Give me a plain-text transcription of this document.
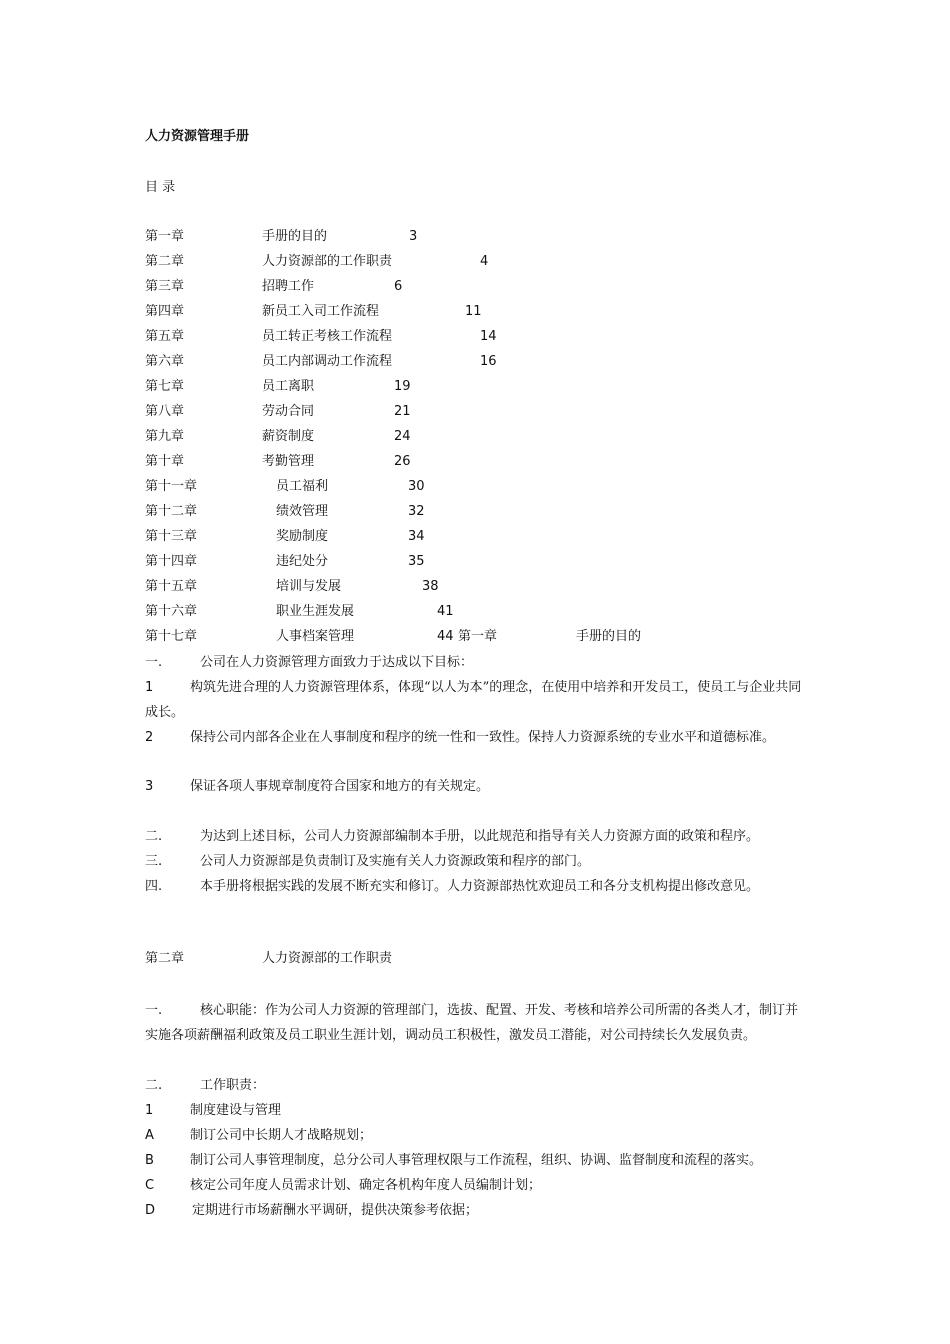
人力资源管理手册
目 录
第一章	手册的目的	3
第二章	人力资源部的工作职责	4
第三章	招聘工作	6
第四章	新员工入司工作流程	11
第五章	员工转正考核工作流程	14
第六章	员工内部调动工作流程	16
第七章	员工离职	19
第八章	劳动合同	21
第九章	薪资制度	24
第十章	考勤管理	26
第十一章	员工福利	30
第十二章	绩效管理	32
第十三章	奖励制度	34
第十四章	违纪处分	35
第十五章	培训与发展	38
第十六章	职业生涯发展	41
第十七章	人事档案管理	44 第一章	手册的目的
一.	公司在人力资源管理方面致力于达成以下目标：
1	构筑先进合理的人力资源管理体系，体现“以人为本”的理念，在使用中培养和开发员工，使员工与企业共同成长。
2	保持公司内部各企业在人事制度和程序的统一性和一致性。保持人力资源系统的专业水平和道德标准。
3	保证各项人事规章制度符合国家和地方的有关规定。
二.	为达到上述目标，公司人力资源部编制本手册，以此规范和指导有关人力资源方面的政策和程序。
三.	公司人力资源部是负责制订及实施有关人力资源政策和程序的部门。
四.	本手册将根据实践的发展不断充实和修订。人力资源部热忱欢迎员工和各分支机构提出修改意见。
第二章	人力资源部的工作职责
一.	核心职能：作为公司人力资源的管理部门，选拔、配置、开发、考核和培养公司所需的各类人才，制订并实施各项薪酬福利政策及员工职业生涯计划，调动员工积极性，激发员工潜能，对公司持续长久发展负责。
二.	工作职责：
1	制度建设与管理
A	制订公司中长期人才战略规划；
B	制订公司人事管理制度，总分公司人事管理权限与工作流程，组织、协调、监督制度和流程的落实。
C	核定公司年度人员需求计划、确定各机构年度人员编制计划；
D	定期进行市场薪酬水平调研，提供决策参考依据；
